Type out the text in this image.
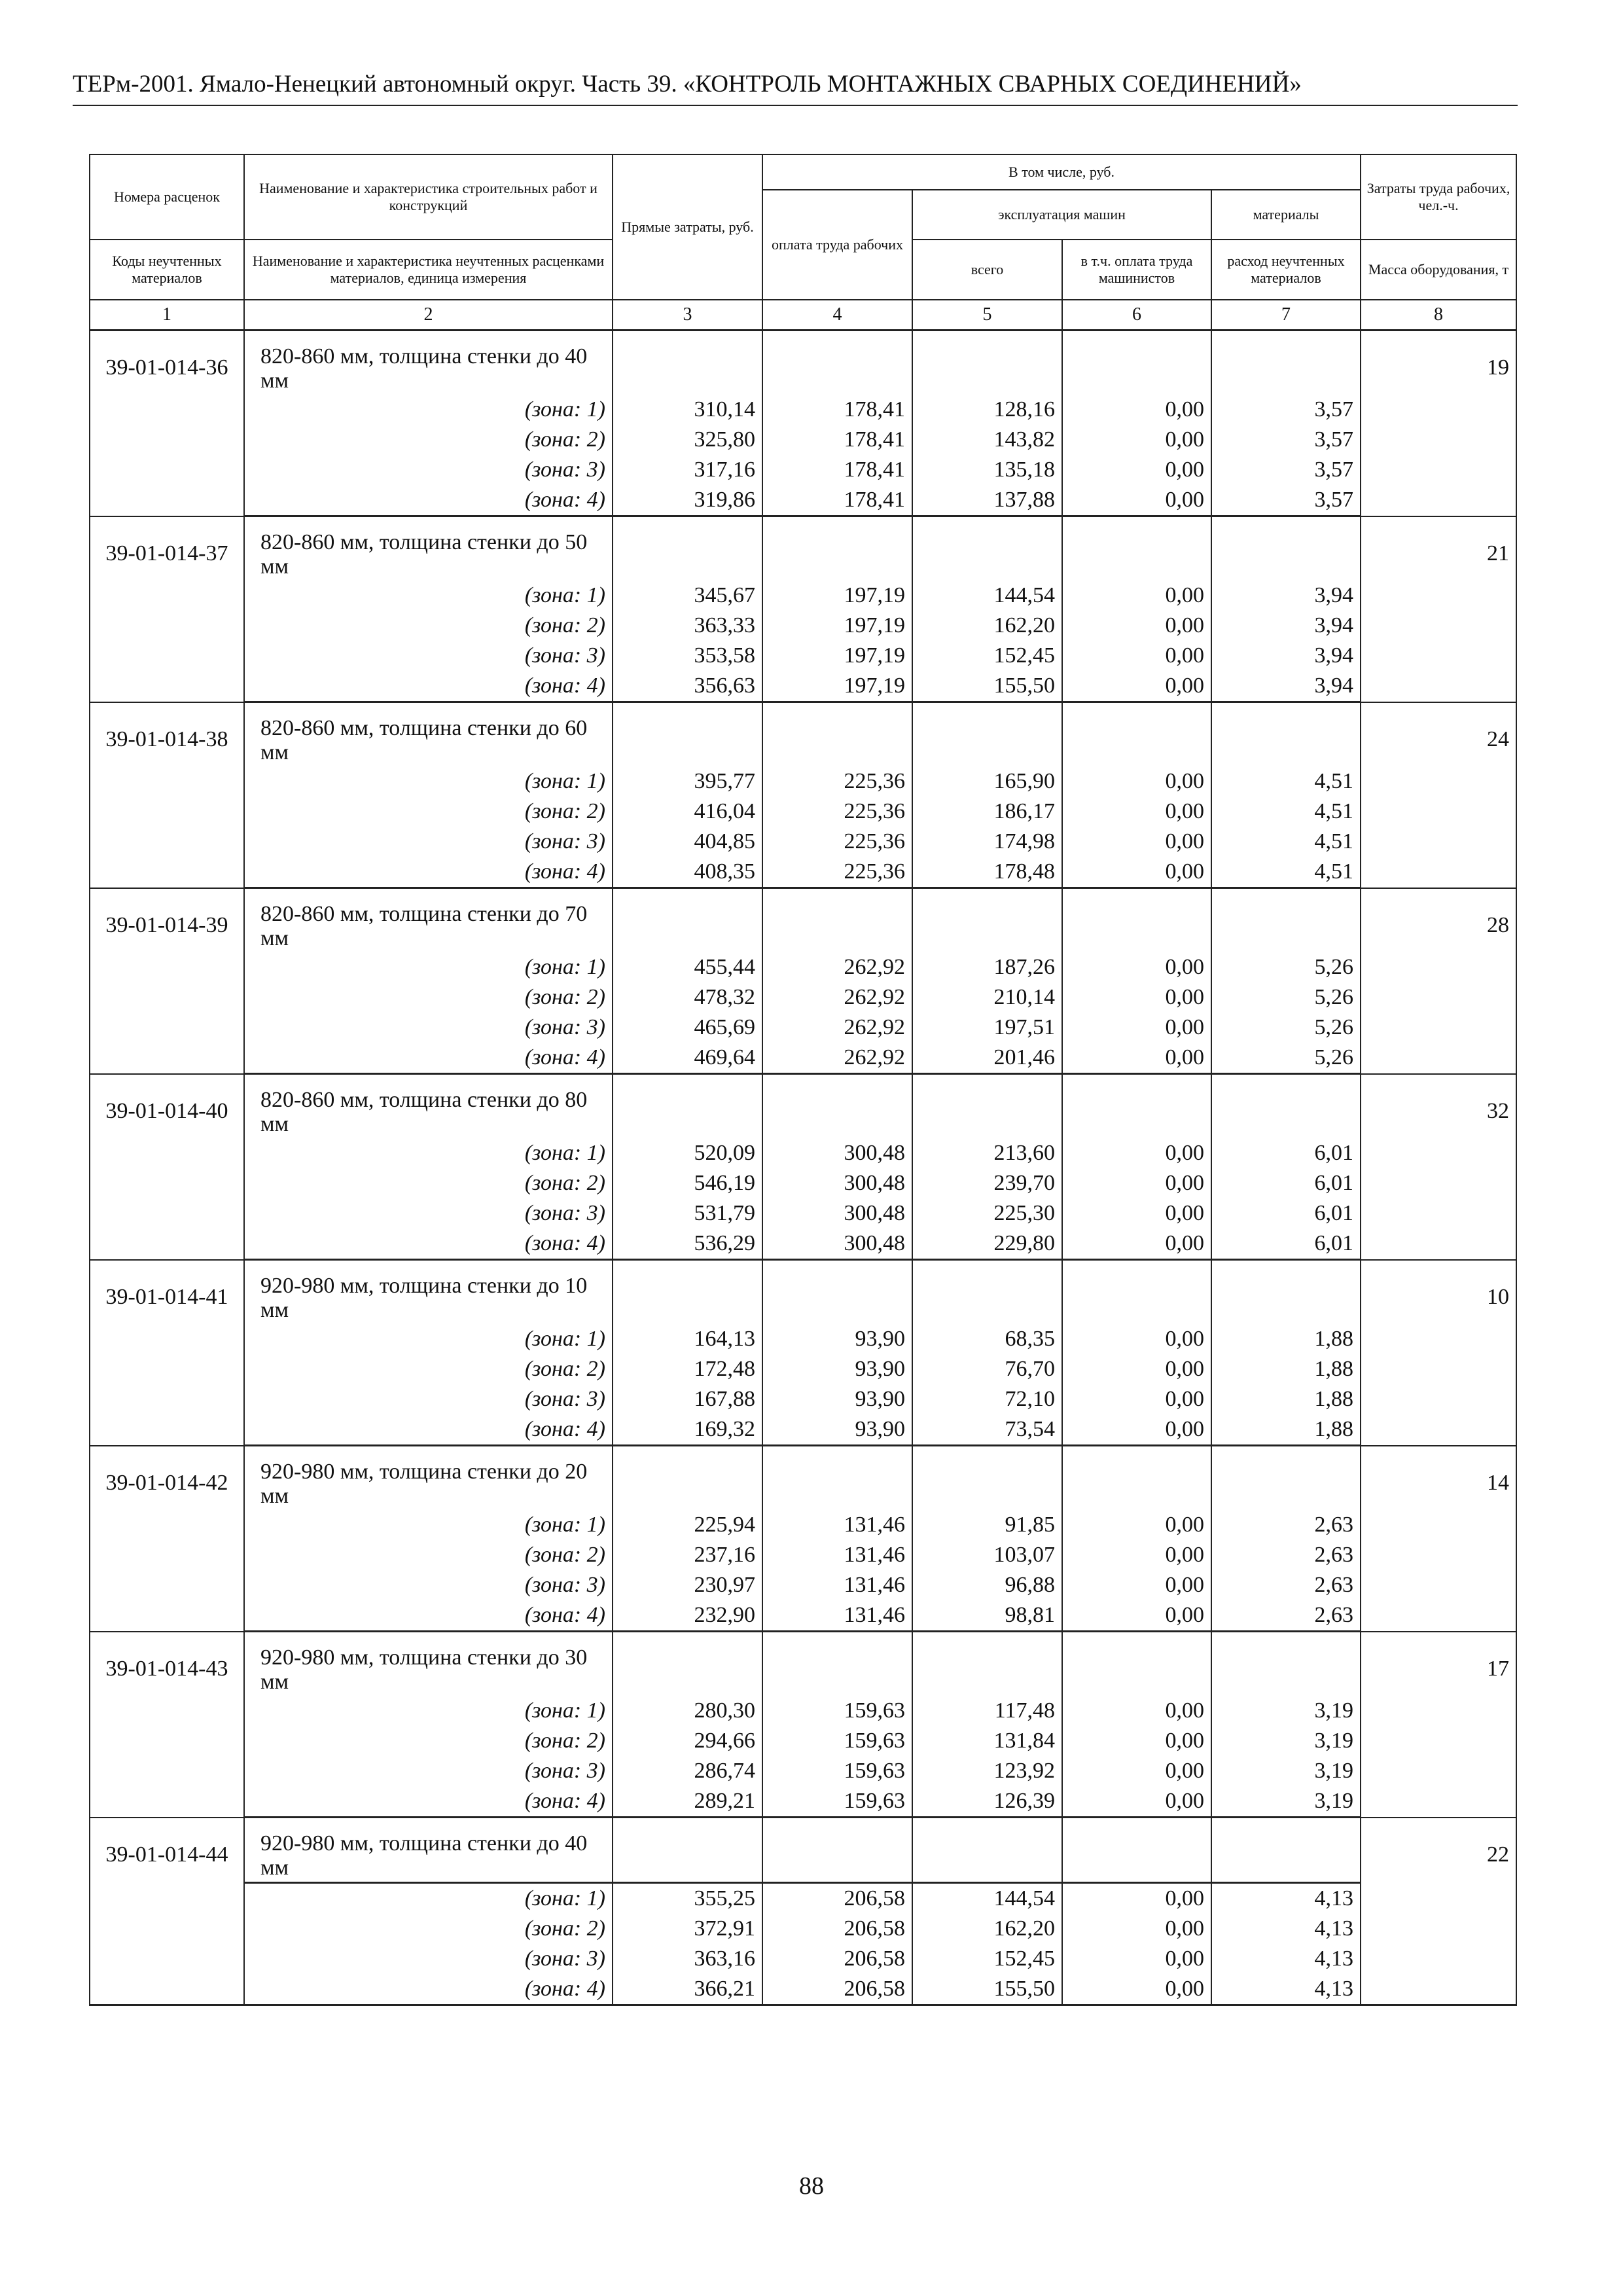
ТЕРм-2001. Ямало-Ненецкий автономный округ. Часть 39. «КОНТРОЛЬ МОНТАЖНЫХ СВАРНЫХ СОЕДИНЕНИЙ»
Номера расценок	Наименование и характеристика строительных работ и конструкций	Прямые затраты, руб.	В том числе, руб.				Затраты труда рабочих, чел.-ч.
			оплата труда рабочих	эксплуатация машин		материалы	
Коды неучтенных материалов	Наименование и характеристика неучтенных расценками материалов, единица измерения			всего	в т.ч. оплата труда машинистов	расход неучтенных материалов	Масса оборудования, т
1	2	3	4	5	6	7	8
39-01-014-36	820-860 мм, толщина стенки до 40 мм						19
	(зона: 1)	310,14	178,41	128,16	0,00	3,57	
	(зона: 2)	325,80	178,41	143,82	0,00	3,57	
	(зона: 3)	317,16	178,41	135,18	0,00	3,57	
	(зона: 4)	319,86	178,41	137,88	0,00	3,57	
39-01-014-37	820-860 мм, толщина стенки до 50 мм						21
	(зона: 1)	345,67	197,19	144,54	0,00	3,94	
	(зона: 2)	363,33	197,19	162,20	0,00	3,94	
	(зона: 3)	353,58	197,19	152,45	0,00	3,94	
	(зона: 4)	356,63	197,19	155,50	0,00	3,94	
39-01-014-38	820-860 мм, толщина стенки до 60 мм						24
	(зона: 1)	395,77	225,36	165,90	0,00	4,51	
	(зона: 2)	416,04	225,36	186,17	0,00	4,51	
	(зона: 3)	404,85	225,36	174,98	0,00	4,51	
	(зона: 4)	408,35	225,36	178,48	0,00	4,51	
39-01-014-39	820-860 мм, толщина стенки до 70 мм						28
	(зона: 1)	455,44	262,92	187,26	0,00	5,26	
	(зона: 2)	478,32	262,92	210,14	0,00	5,26	
	(зона: 3)	465,69	262,92	197,51	0,00	5,26	
	(зона: 4)	469,64	262,92	201,46	0,00	5,26	
39-01-014-40	820-860 мм, толщина стенки до 80 мм						32
	(зона: 1)	520,09	300,48	213,60	0,00	6,01	
	(зона: 2)	546,19	300,48	239,70	0,00	6,01	
	(зона: 3)	531,79	300,48	225,30	0,00	6,01	
	(зона: 4)	536,29	300,48	229,80	0,00	6,01	
39-01-014-41	920-980 мм, толщина стенки до 10 мм						10
	(зона: 1)	164,13	93,90	68,35	0,00	1,88	
	(зона: 2)	172,48	93,90	76,70	0,00	1,88	
	(зона: 3)	167,88	93,90	72,10	0,00	1,88	
	(зона: 4)	169,32	93,90	73,54	0,00	1,88	
39-01-014-42	920-980 мм, толщина стенки до 20 мм						14
	(зона: 1)	225,94	131,46	91,85	0,00	2,63	
	(зона: 2)	237,16	131,46	103,07	0,00	2,63	
	(зона: 3)	230,97	131,46	96,88	0,00	2,63	
	(зона: 4)	232,90	131,46	98,81	0,00	2,63	
39-01-014-43	920-980 мм, толщина стенки до 30 мм						17
	(зона: 1)	280,30	159,63	117,48	0,00	3,19	
	(зона: 2)	294,66	159,63	131,84	0,00	3,19	
	(зона: 3)	286,74	159,63	123,92	0,00	3,19	
	(зона: 4)	289,21	159,63	126,39	0,00	3,19	
39-01-014-44	920-980 мм, толщина стенки до 40 мм						22
	(зона: 1)	355,25	206,58	144,54	0,00	4,13	
	(зона: 2)	372,91	206,58	162,20	0,00	4,13	
	(зона: 3)	363,16	206,58	152,45	0,00	4,13	
	(зона: 4)	366,21	206,58	155,50	0,00	4,13	
88
